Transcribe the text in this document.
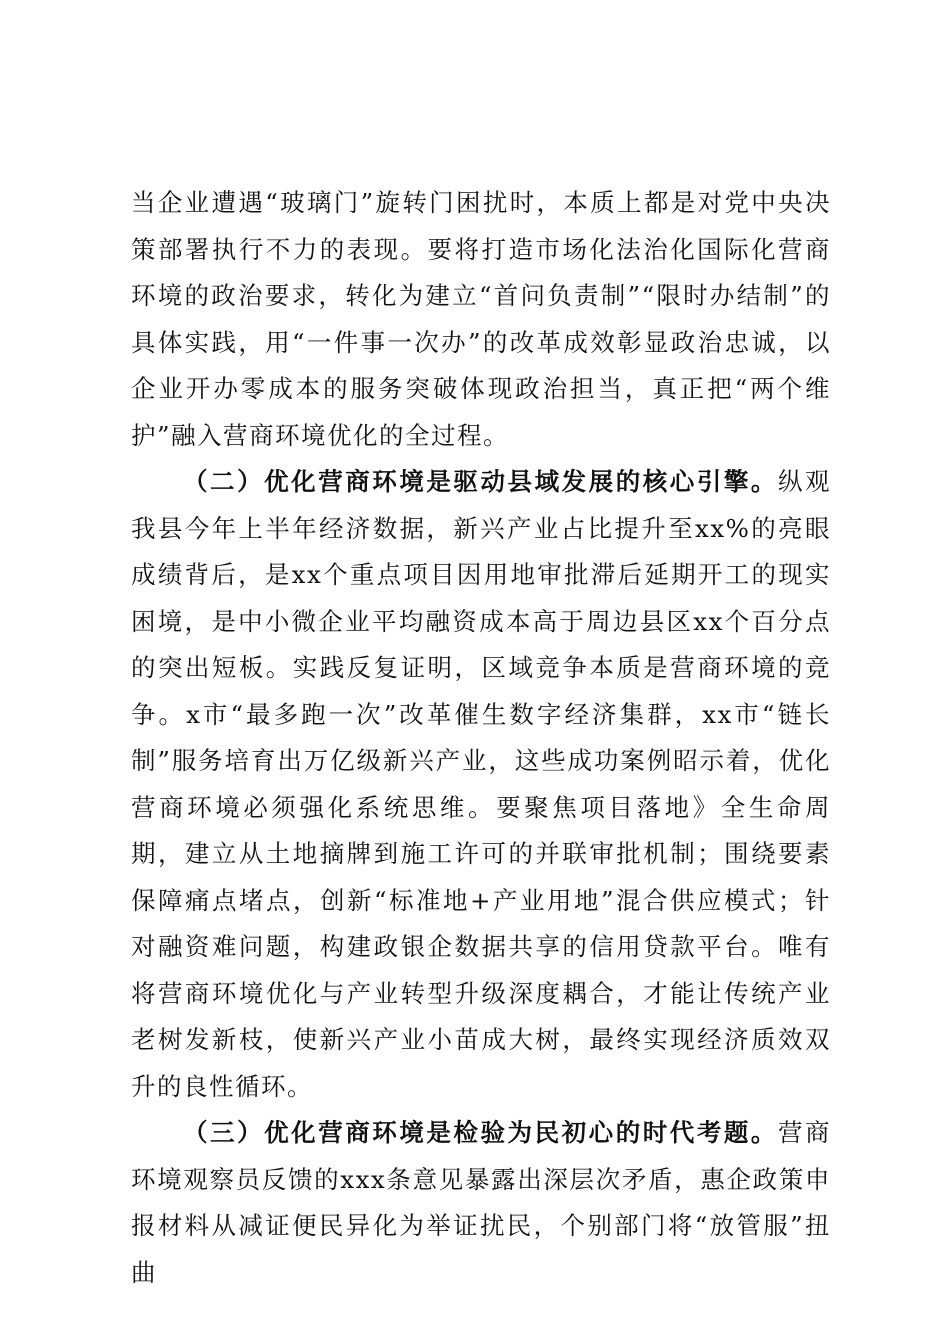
当企业遭遇“玻璃门”旋转门困扰时，本质上都是对党中央决策部署执行不力的表现。要将打造市场化法治化国际化营商环境的政治要求，转化为建立“首问负责制”“限时办结制”的具体实践，用“一件事一次办”的改革成效彰显政治忠诚，以企业开办零成本的服务突破体现政治担当，真正把“两个维护”融入营商环境优化的全过程。

（二）优化营商环境是驱动县域发展的核心引擎。纵观我县今年上半年经济数据，新兴产业占比提升至xx%的亮眼成绩背后，是xx个重点项目因用地审批滞后延期开工的现实困境，是中小微企业平均融资成本高于周边县区xx个百分点的突出短板。实践反复证明，区域竞争本质是营商环境的竞争。x市“最多跑一次”改革催生数字经济集群，xx市“链长制”服务培育出万亿级新兴产业，这些成功案例昭示着，优化营商环境必须强化系统思维。要聚焦项目落地》全生命周期，建立从土地摘牌到施工许可的并联审批机制；围绕要素保障痛点堵点，创新“标准地+产业用地”混合供应模式；针对融资难问题，构建政银企数据共享的信用贷款平台。唯有将营商环境优化与产业转型升级深度耦合，才能让传统产业老树发新枝，使新兴产业小苗成大树，最终实现经济质效双升的良性循环。

（三）优化营商环境是检验为民初心的时代考题。营商环境观察员反馈的xxx条意见暴露出深层次矛盾，惠企政策申报材料从减证便民异化为举证扰民，个别部门将“放管服”扭曲
